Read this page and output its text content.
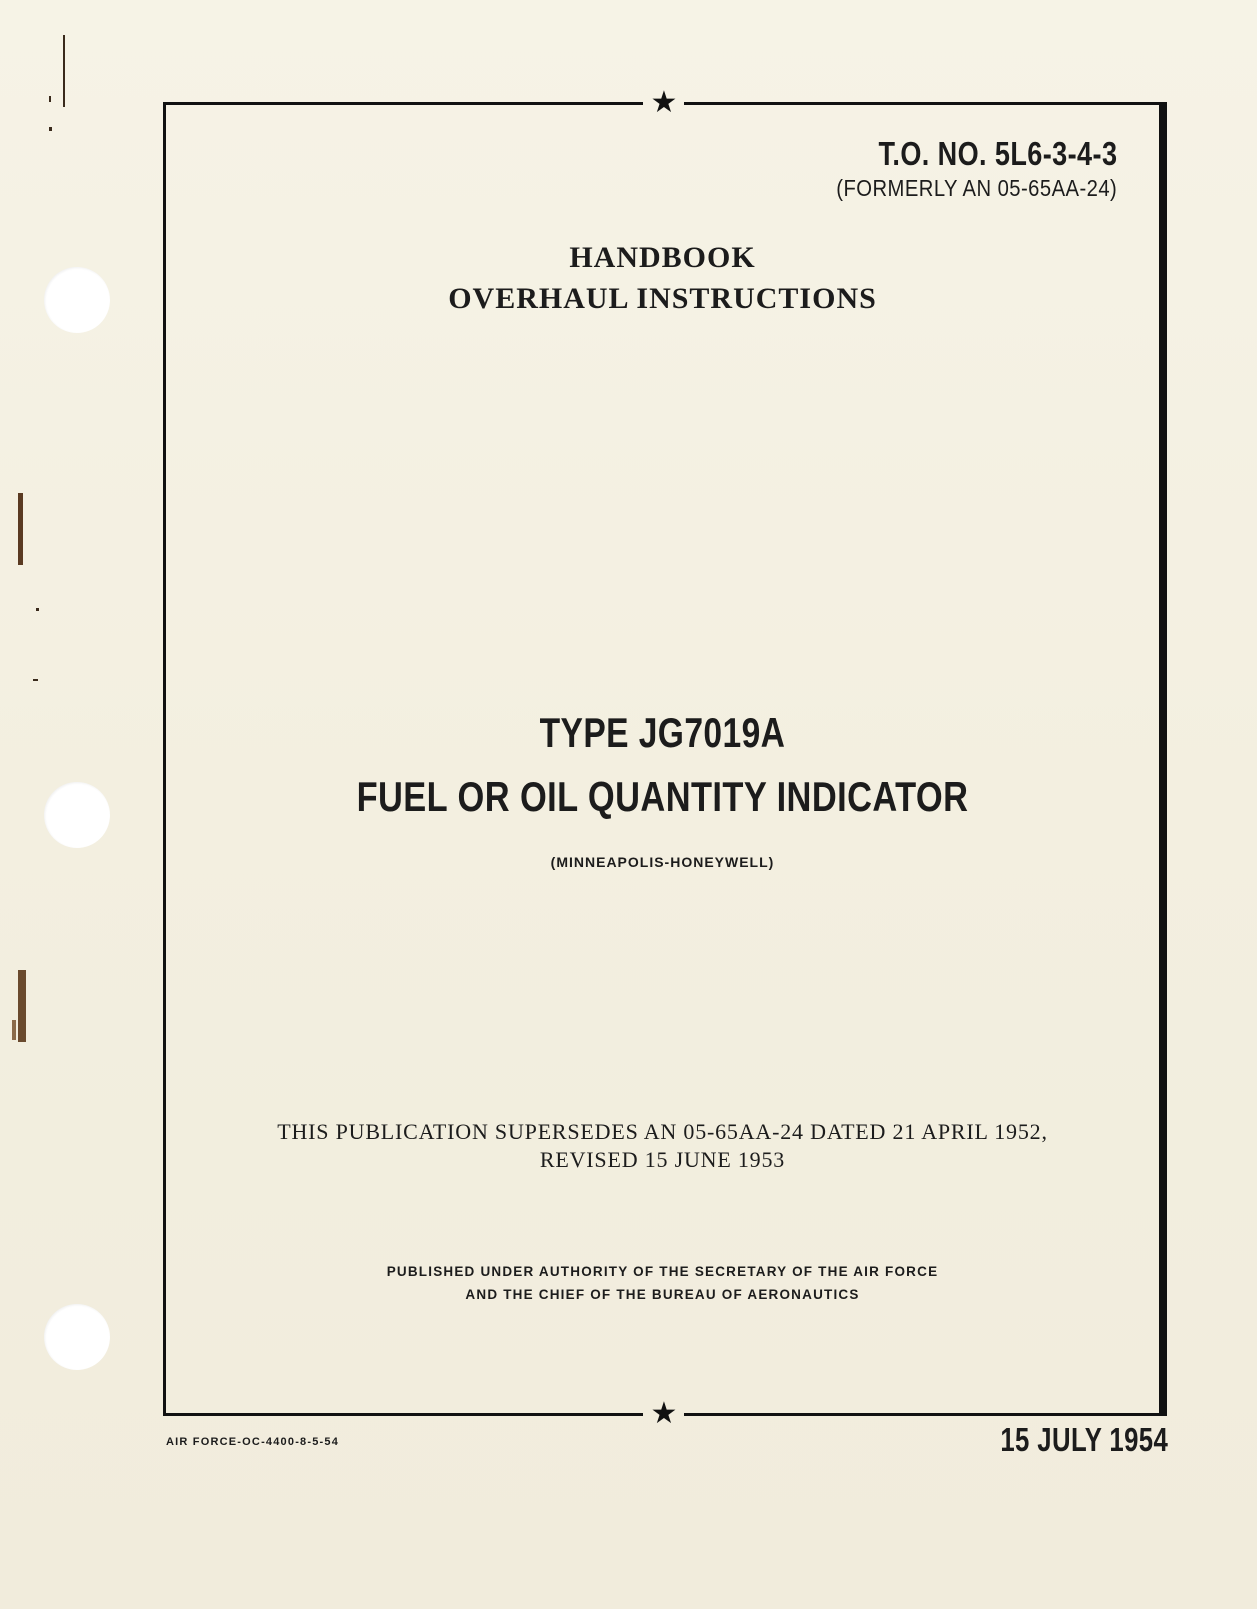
★
★
T.O. NO. 5L6-3-4-3
(FORMERLY AN 05-65AA-24)
HANDBOOK
OVERHAUL INSTRUCTIONS
TYPE JG7019A
FUEL OR OIL QUANTITY INDICATOR
(MINNEAPOLIS-HONEYWELL)
THIS PUBLICATION SUPERSEDES AN 05-65AA-24 DATED 21 APRIL 1952,
REVISED 15 JUNE 1953
PUBLISHED UNDER AUTHORITY OF THE SECRETARY OF THE AIR FORCE
AND THE CHIEF OF THE BUREAU OF AERONAUTICS
AIR FORCE-OC-4400-8-5-54	15 JULY 1954
